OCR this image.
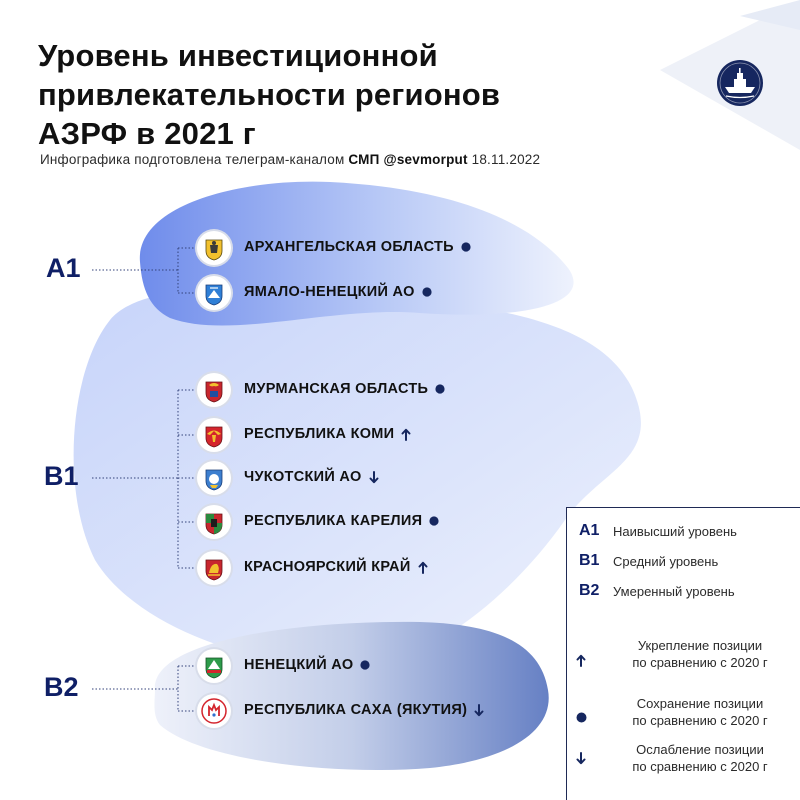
Уровень инвестиционной
привлекательности регионов
АЗРФ в 2021 г
Инфографика подготовлена телеграм-каналом СМП @sevmorput 18.11.2022
A1
B1
B2
АРХАНГЕЛЬСКАЯ ОБЛАСТЬ
ЯМАЛО-НЕНЕЦКИЙ АО
МУРМАНСКАЯ ОБЛАСТЬ
РЕСПУБЛИКА КОМИ
ЧУКОТСКИЙ АО
РЕСПУБЛИКА КАРЕЛИЯ
КРАСНОЯРСКИЙ КРАЙ
НЕНЕЦКИЙ АО
РЕСПУБЛИКА САХА (ЯКУТИЯ)
A1	Наивысший уровень
B1	Средний уровень
B2	Умеренный уровень
Укрепление позиции
по сравнению с 2020 г
Сохранение позиции
по сравнению с 2020 г
Ослабление позиции
по сравнению с 2020 г
